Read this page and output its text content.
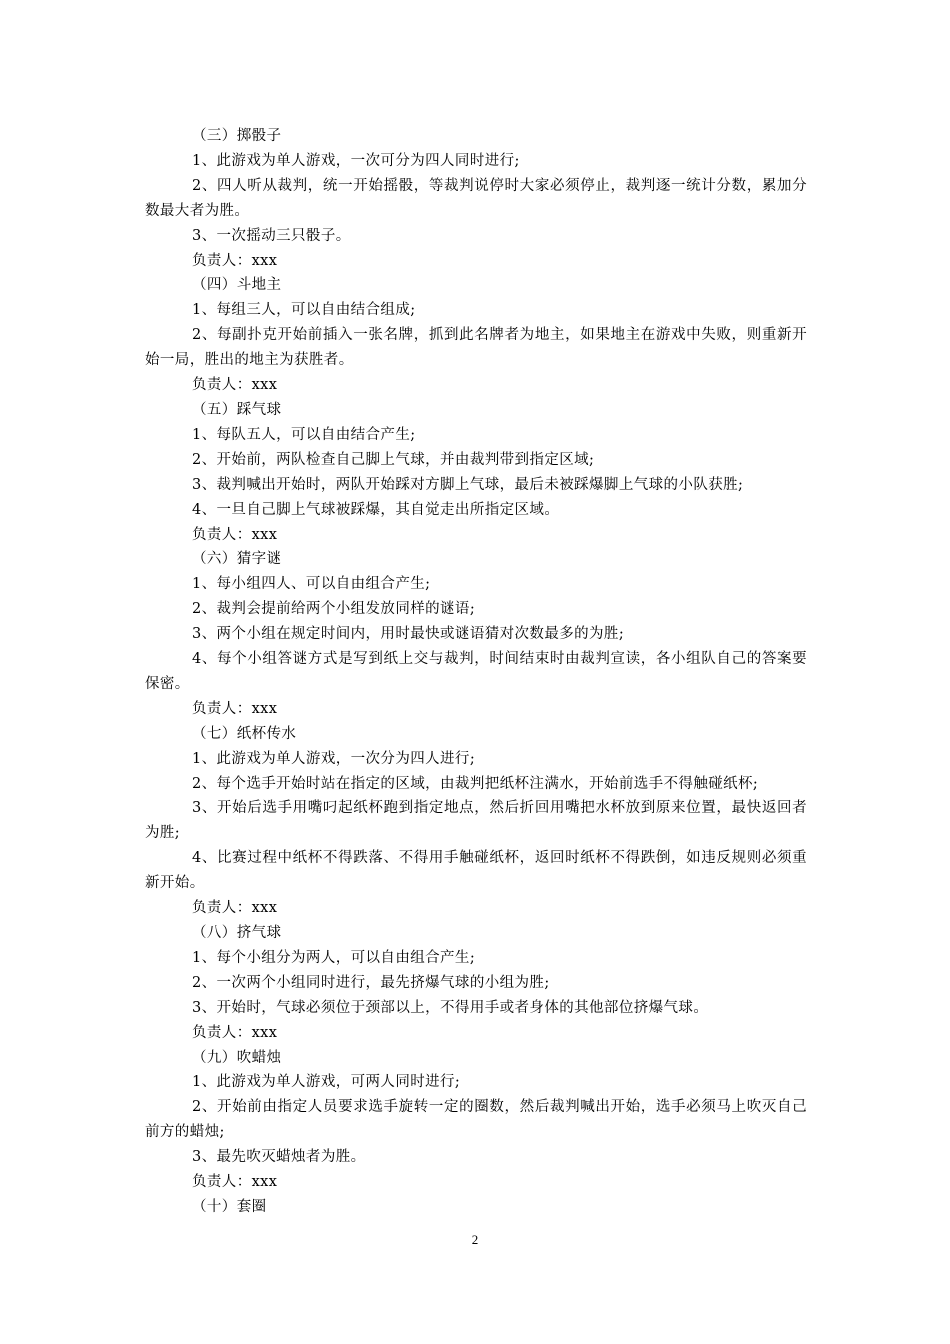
（三）掷骰子
1、此游戏为单人游戏，一次可分为四人同时进行;
2、四人听从裁判，统一开始摇骰，等裁判说停时大家必须停止，裁判逐一统计分数，累加分数最大者为胜。
3、一次摇动三只骰子。
负责人：xxx
（四）斗地主
1、每组三人，可以自由结合组成;
2、每副扑克开始前插入一张名牌，抓到此名牌者为地主，如果地主在游戏中失败，则重新开始一局，胜出的地主为获胜者。
负责人：xxx
（五）踩气球
1、每队五人，可以自由结合产生;
2、开始前，两队检查自己脚上气球，并由裁判带到指定区域;
3、裁判喊出开始时，两队开始踩对方脚上气球，最后未被踩爆脚上气球的小队获胜;
4、一旦自己脚上气球被踩爆，其自觉走出所指定区域。
负责人：xxx
（六）猜字谜
1、每小组四人、可以自由组合产生;
2、裁判会提前给两个小组发放同样的谜语;
3、两个小组在规定时间内，用时最快或谜语猜对次数最多的为胜;
4、每个小组答谜方式是写到纸上交与裁判，时间结束时由裁判宣读，各小组队自己的答案要保密。
负责人：xxx
（七）纸杯传水
1、此游戏为单人游戏，一次分为四人进行;
2、每个选手开始时站在指定的区域，由裁判把纸杯注满水，开始前选手不得触碰纸杯;
3、开始后选手用嘴叼起纸杯跑到指定地点，然后折回用嘴把水杯放到原来位置，最快返回者为胜;
4、比赛过程中纸杯不得跌落、不得用手触碰纸杯，返回时纸杯不得跌倒，如违反规则必须重新开始。
负责人：xxx
（八）挤气球
1、每个小组分为两人，可以自由组合产生;
2、一次两个小组同时进行，最先挤爆气球的小组为胜;
3、开始时，气球必须位于颈部以上，不得用手或者身体的其他部位挤爆气球。
负责人：xxx
（九）吹蜡烛
1、此游戏为单人游戏，可两人同时进行;
2、开始前由指定人员要求选手旋转一定的圈数，然后裁判喊出开始，选手必须马上吹灭自己前方的蜡烛;
3、最先吹灭蜡烛者为胜。
负责人：xxx
（十）套圈
2
